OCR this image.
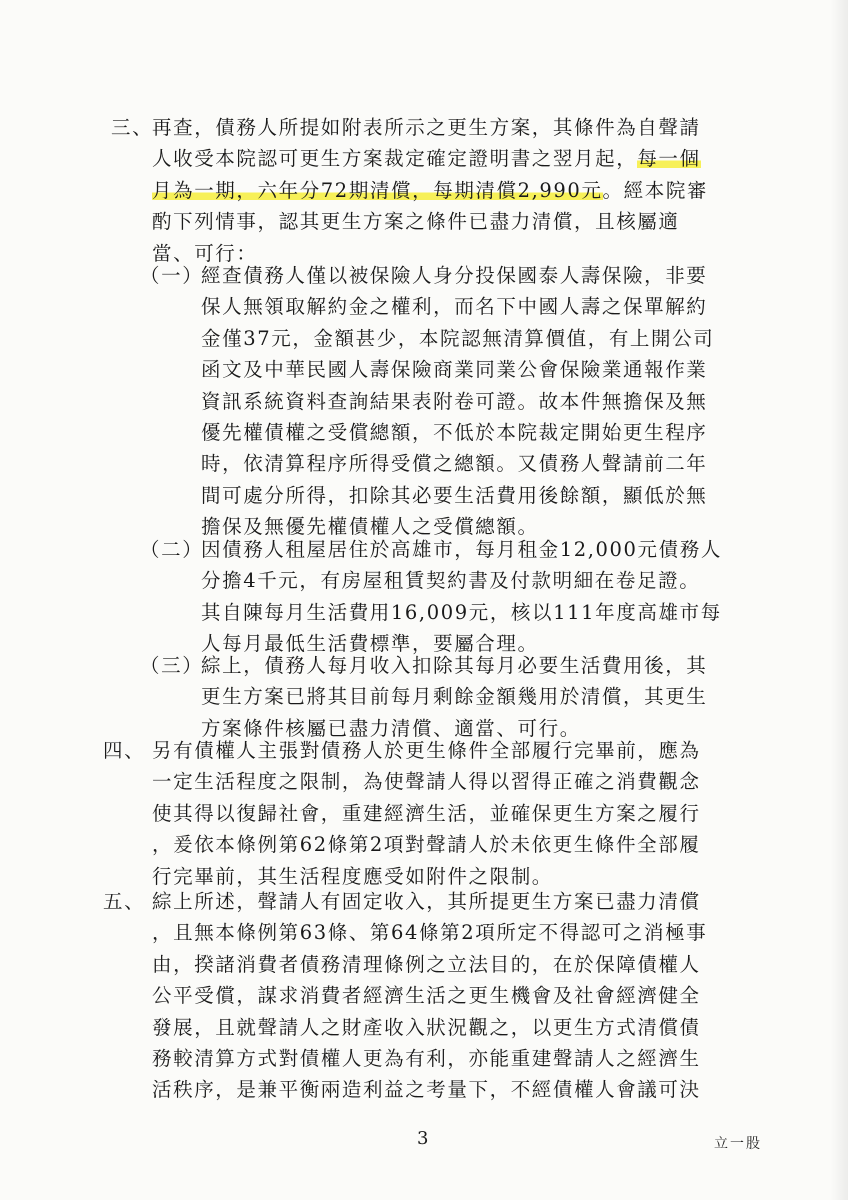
三、
再查，債務人所提如附表所示之更生方案，其條件為自聲請
人收受本院認可更生方案裁定確定證明書之翌月起，每一個
月為一期，六年分72期清償，每期清償2,990元。經本院審
酌下列情事，認其更生方案之條件已盡力清償，且核屬適
當、可行：
（一）
經查債務人僅以被保險人身分投保國泰人壽保險，非要
保人無領取解約金之權利，而名下中國人壽之保單解約
金僅37元，金額甚少，本院認無清算價值，有上開公司
函文及中華民國人壽保險商業同業公會保險業通報作業
資訊系統資料查詢結果表附卷可證。故本件無擔保及無
優先權債權之受償總額，不低於本院裁定開始更生程序
時，依清算程序所得受償之總額。又債務人聲請前二年
間可處分所得，扣除其必要生活費用後餘額，顯低於無
擔保及無優先權債權人之受償總額。
（二）
因債務人租屋居住於高雄市，每月租金12,000元債務人
分擔4千元，有房屋租賃契約書及付款明細在卷足證。
其自陳每月生活費用16,009元，核以111年度高雄市每
人每月最低生活費標準，要屬合理。
（三）
綜上，債務人每月收入扣除其每月必要生活費用後，其
更生方案已將其目前每月剩餘金額幾用於清償，其更生
方案條件核屬已盡力清償、適當、可行。
四、 另有債權人主張對債務人於更生條件全部履行完畢前，應為
一定生活程度之限制，為使聲請人得以習得正確之消費觀念
使其得以復歸社會，重建經濟生活，並確保更生方案之履行
，爰依本條例第62條第2項對聲請人於未依更生條件全部履
行完畢前，其生活程度應受如附件之限制。
五、 綜上所述，聲請人有固定收入，其所提更生方案已盡力清償
，且無本條例第63條、第64條第2項所定不得認可之消極事
由，揆諸消費者債務清理條例之立法目的，在於保障債權人
公平受償，謀求消費者經濟生活之更生機會及社會經濟健全
發展，且就聲請人之財產收入狀況觀之，以更生方式清償債
務較清算方式對債權人更為有利，亦能重建聲請人之經濟生
活秩序，是兼平衡兩造利益之考量下，不經債權人會議可決
3	立一股
